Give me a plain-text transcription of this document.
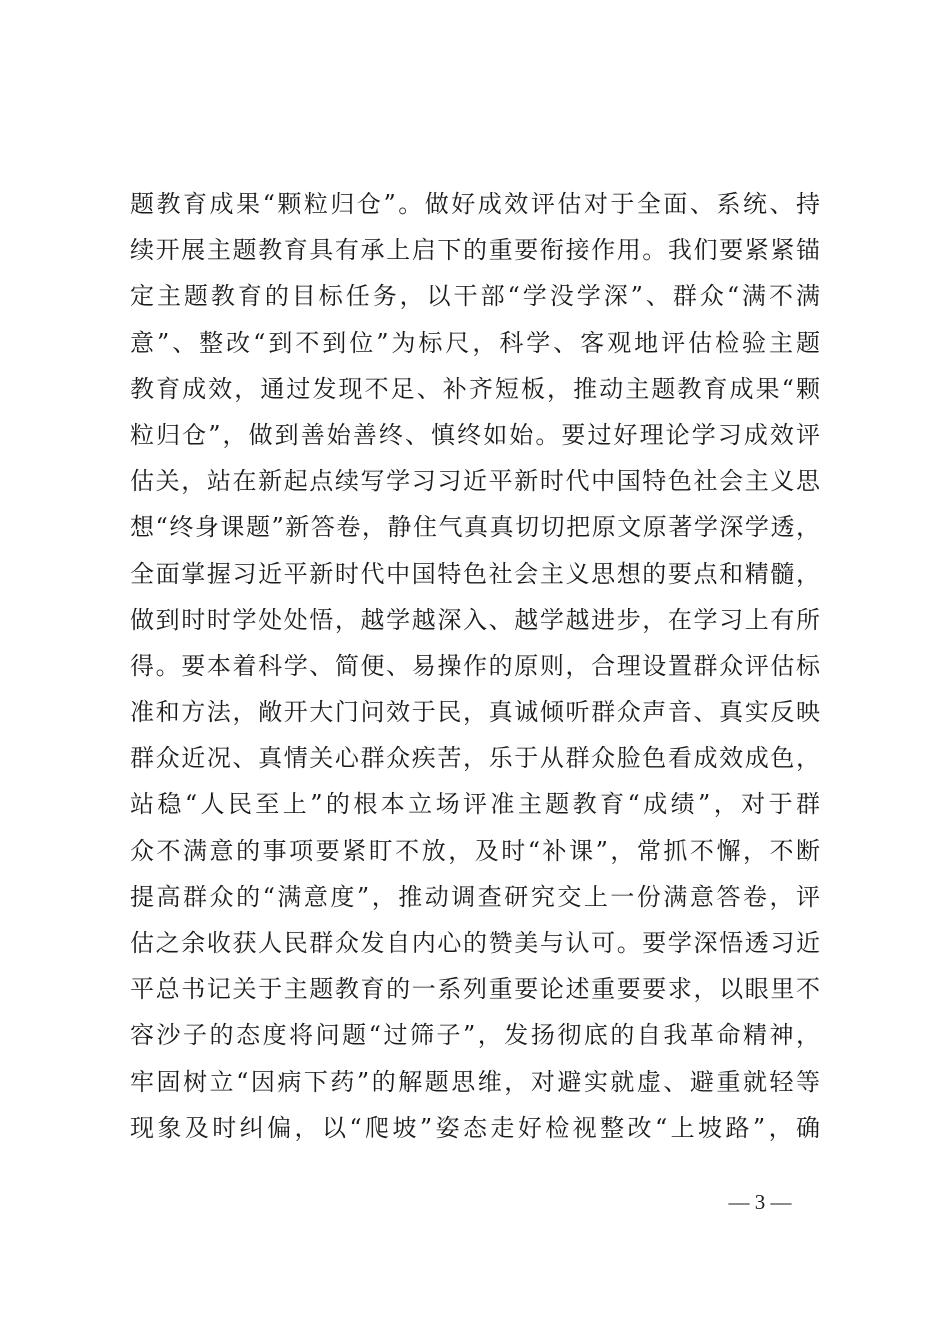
题教育成果“颗粒归仓”。做好成效评估对于全面、系统、持
续开展主题教育具有承上启下的重要衔接作用。我们要紧紧锚
定主题教育的目标任务，以干部“学没学深”、群众“满不满
意”、整改“到不到位”为标尺，科学、客观地评估检验主题
教育成效，通过发现不足、补齐短板，推动主题教育成果“颗
粒归仓”，做到善始善终、慎终如始。要过好理论学习成效评
估关，站在新起点续写学习习近平新时代中国特色社会主义思
想“终身课题”新答卷，静住气真真切切把原文原著学深学透，
全面掌握习近平新时代中国特色社会主义思想的要点和精髓，
做到时时学处处悟，越学越深入、越学越进步，在学习上有所
得。要本着科学、简便、易操作的原则，合理设置群众评估标
准和方法，敞开大门问效于民，真诚倾听群众声音、真实反映
群众近况、真情关心群众疾苦，乐于从群众脸色看成效成色，
站稳“人民至上”的根本立场评准主题教育“成绩”，对于群
众不满意的事项要紧盯不放，及时“补课”，常抓不懈，不断
提高群众的“满意度”，推动调查研究交上一份满意答卷，评
估之余收获人民群众发自内心的赞美与认可。要学深悟透习近
平总书记关于主题教育的一系列重要论述重要要求，以眼里不
容沙子的态度将问题“过筛子”，发扬彻底的自我革命精神，
牢固树立“因病下药”的解题思维，对避实就虚、避重就轻等
现象及时纠偏，以“爬坡”姿态走好检视整改“上坡路”，确
— 3 —
